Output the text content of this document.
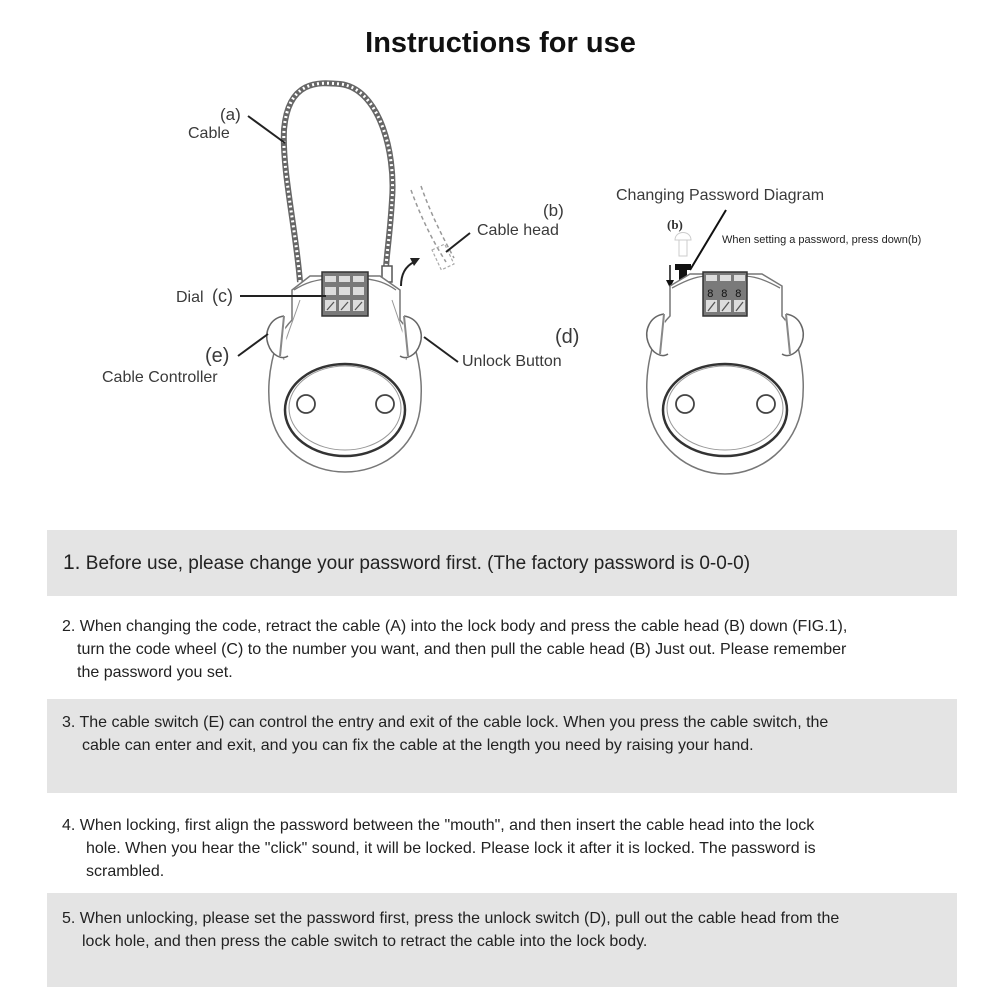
Instructions for use
(a)
Cable
(b)
Cable head
Dial (c)
(d)
Unlock Button
(e)
Cable Controller
Changing Password Diagram
(b)
When setting a password, press down(b)
8 8 8
1. Before use, please change your password first. (The factory password is 0-0-0)
2. When changing the code, retract the cable (A) into the lock body and press the cable head (B) down (FIG.1),
turn the code wheel (C) to the number you want, and then pull the cable head (B) Just out. Please remember
the password you set.
3. The cable switch (E) can control the entry and exit of the cable lock. When you press the cable switch, the
cable can enter and exit, and you can fix the cable at the length you need by raising your hand.
4. When locking, first align the password between the "mouth", and then insert the cable head into the lock
hole. When you hear the "click" sound, it will be locked. Please lock it after it is locked. The password is
scrambled.
5. When unlocking, please set the password first, press the unlock switch (D), pull out the cable head from the
lock hole, and then press the cable switch to retract the cable into the lock body.
